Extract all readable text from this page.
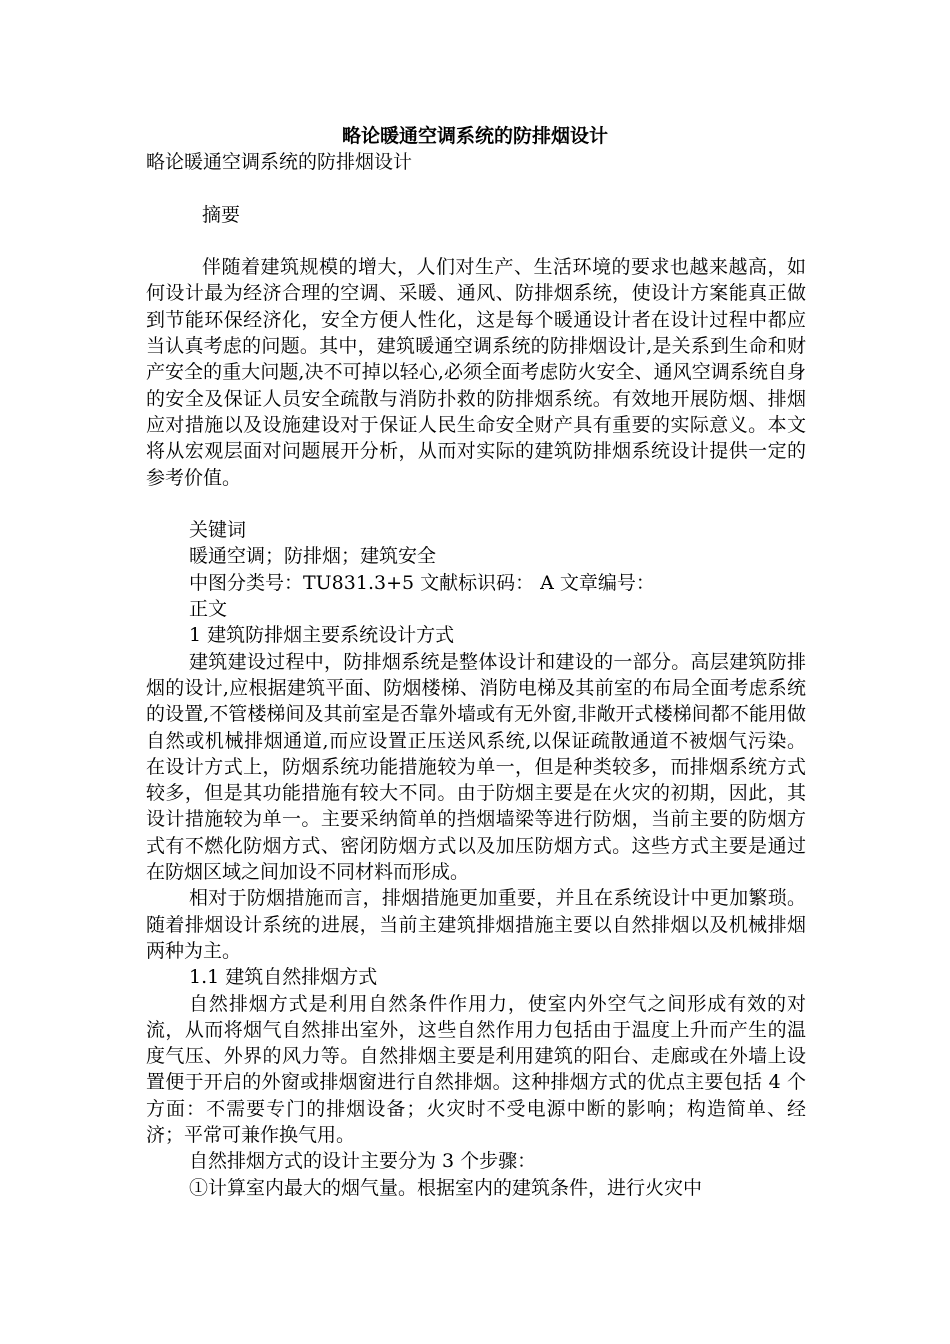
略论暖通空调系统的防排烟设计

略论暖通空调系统的防排烟设计

摘要

伴随着建筑规模的增大，人们对生产、生活环境的要求也越来越高，如何设计最为经济合理的空调、采暖、通风、防排烟系统，使设计方案能真正做到节能环保经济化，安全方便人性化，这是每个暖通设计者在设计过程中都应当认真考虑的问题。其中，建筑暖通空调系统的防排烟设计,是关系到生命和财产安全的重大问题,决不可掉以轻心,必须全面考虑防火安全、通风空调系统自身的安全及保证人员安全疏散与消防扑救的防排烟系统。有效地开展防烟、排烟应对措施以及设施建设对于保证人民生命安全财产具有重要的实际意义。本文将从宏观层面对问题展开分析，从而对实际的建筑防排烟系统设计提供一定的参考价值。

关键词

暖通空调；防排烟；建筑安全

中图分类号：TU831.3+5 文献标识码： A 文章编号：

正文

1 建筑防排烟主要系统设计方式

建筑建设过程中，防排烟系统是整体设计和建设的一部分。高层建筑防排烟的设计,应根据建筑平面、防烟楼梯、消防电梯及其前室的布局全面考虑系统的设置,不管楼梯间及其前室是否靠外墙或有无外窗,非敞开式楼梯间都不能用做自然或机械排烟通道,而应设置正压送风系统,以保证疏散通道不被烟气污染。 在设计方式上，防烟系统功能措施较为单一，但是种类较多，而排烟系统方式较多，但是其功能措施有较大不同。由于防烟主要是在火灾的初期，因此，其设计措施较为单一。主要采纳简单的挡烟墙梁等进行防烟，当前主要的防烟方式有不燃化防烟方式、密闭防烟方式以及加压防烟方式。这些方式主要是通过在防烟区域之间加设不同材料而形成。

相对于防烟措施而言，排烟措施更加重要，并且在系统设计中更加繁琐。随着排烟设计系统的进展，当前主建筑排烟措施主要以自然排烟以及机械排烟两种为主。

1.1 建筑自然排烟方式

自然排烟方式是利用自然条件作用力，使室内外空气之间形成有效的对流，从而将烟气自然排出室外，这些自然作用力包括由于温度上升而产生的温度气压、外界的风力等。自然排烟主要是利用建筑的阳台、走廊或在外墙上设置便于开启的外窗或排烟窗进行自然排烟。这种排烟方式的优点主要包括 4 个方面：不需要专门的排烟设备；火灾时不受电源中断的影响；构造简单、经济；平常可兼作换气用。

自然排烟方式的设计主要分为 3 个步骤：

①计算室内最大的烟气量。根据室内的建筑条件，进行火灾中
